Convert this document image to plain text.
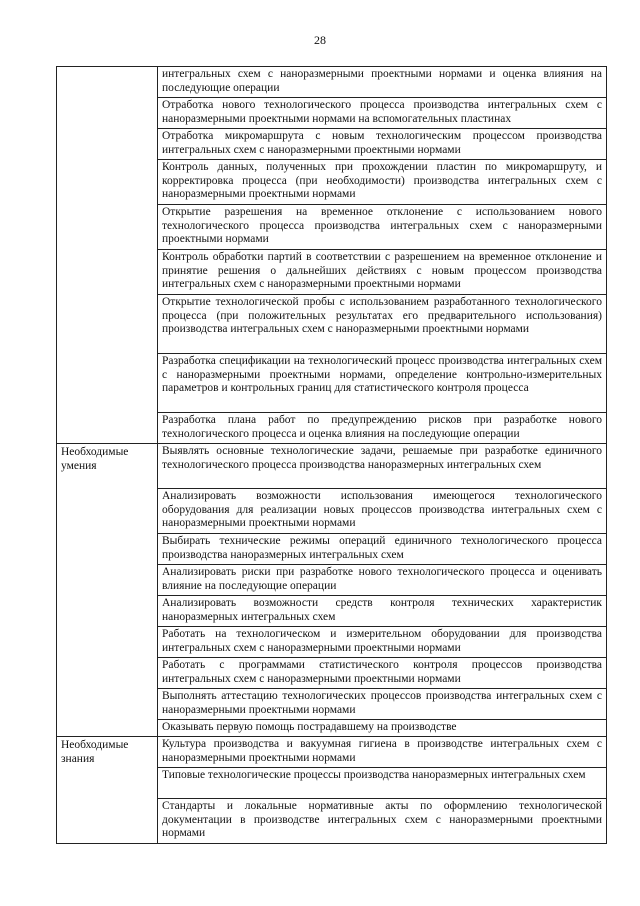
28
	интегральных схем с наноразмерными проектными нормами и оценка влияния на последующие операции
	Отработка нового технологического процесса производства интегральных схем с наноразмерными проектными нормами на вспомогательных пластинах
	Отработка микромаршрута с новым технологическим процессом производства интегральных схем с наноразмерными проектными нормами
	Контроль данных, полученных при прохождении пластин по микромаршруту, и корректировка процесса (при необходимости) производства интегральных схем с наноразмерными проектными нормами
	Открытие разрешения на временное отклонение с использованием нового технологического процесса производства интегральных схем с наноразмерными проектными нормами
	Контроль обработки партий в соответствии с разрешением на временное отклонение и принятие решения о дальнейших действиях с новым процессом производства интегральных схем с наноразмерными проектными нормами
	Открытие технологической пробы с использованием разработанного технологического процесса (при положительных результатах его предварительного использования) производства интегральных схем с наноразмерными проектными нормами
	Разработка спецификации на технологический процесс производства интегральных схем с наноразмерными проектными нормами, определение контрольно-измерительных параметров и контрольных границ для статистического контроля процесса
	Разработка плана работ по предупреждению рисков при разработке нового технологического процесса и оценка влияния на последующие операции
Необходимые умения	Выявлять основные технологические задачи, решаемые при разработке единичного технологического процесса производства наноразмерных интегральных схем
	Анализировать возможности использования имеющегося технологического оборудования для реализации новых процессов производства интегральных схем с наноразмерными проектными нормами
	Выбирать технические режимы операций единичного технологического процесса производства наноразмерных интегральных схем
	Анализировать риски при разработке нового технологического процесса и оценивать влияние на последующие операции
	Анализировать возможности средств контроля технических характеристик наноразмерных интегральных схем
	Работать на технологическом и измерительном оборудовании для производства интегральных схем с наноразмерными проектными нормами
	Работать с программами статистического контроля процессов производства интегральных схем с наноразмерными проектными нормами
	Выполнять аттестацию технологических процессов производства интегральных схем с наноразмерными проектными нормами
	Оказывать первую помощь пострадавшему на производстве
Необходимые знания	Культура производства и вакуумная гигиена в производстве интегральных схем с наноразмерными проектными нормами
	Типовые технологические процессы производства наноразмерных интегральных схем
	Стандарты и локальные нормативные акты по оформлению технологической документации в производстве интегральных схем с наноразмерными проектными нормами
